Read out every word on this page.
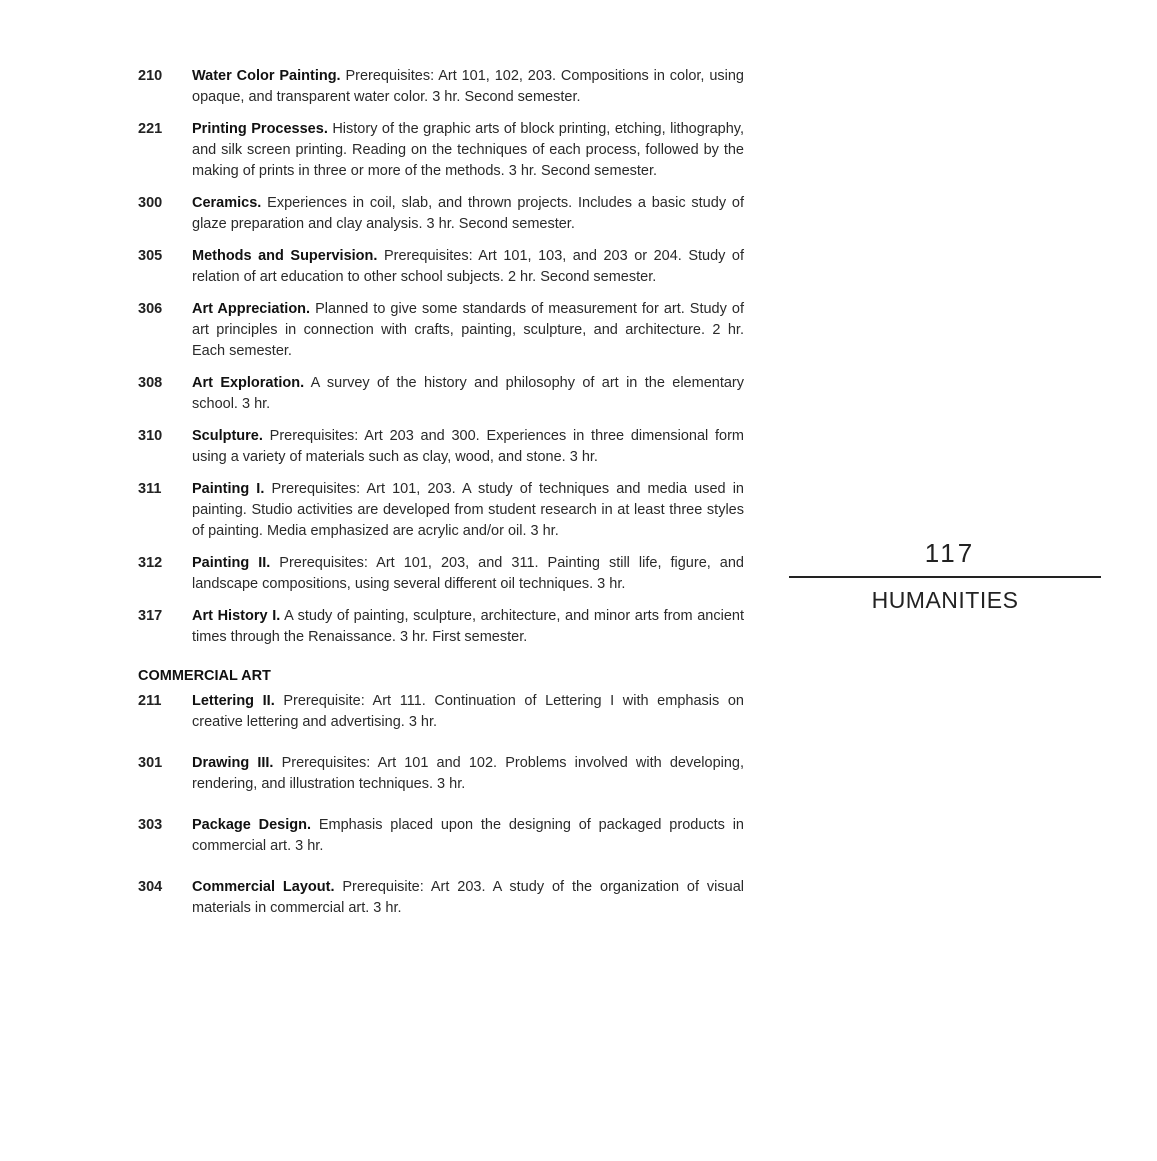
210	Water Color Painting. Prerequisites: Art 101, 102, 203. Compositions in color, using opaque, and transparent water color. 3 hr. Second semester.
221	Printing Processes. History of the graphic arts of block printing, etching, lithography, and silk screen printing. Reading on the techniques of each process, followed by the making of prints in three or more of the methods. 3 hr. Second semester.
300	Ceramics. Experiences in coil, slab, and thrown projects. Includes a basic study of glaze preparation and clay analysis. 3 hr. Second semester.
305	Methods and Supervision. Prerequisites: Art 101, 103, and 203 or 204. Study of relation of art education to other school subjects. 2 hr. Second semester.
306	Art Appreciation. Planned to give some standards of measurement for art. Study of art principles in connection with crafts, painting, sculpture, and architecture. 2 hr. Each semester.
308	Art Exploration. A survey of the history and philosophy of art in the elementary school. 3 hr.
310	Sculpture. Prerequisites: Art 203 and 300. Experiences in three dimensional form using a variety of materials such as clay, wood, and stone. 3 hr.
311	Painting I. Prerequisites: Art 101, 203. A study of techniques and media used in painting. Studio activities are developed from student research in at least three styles of painting. Media emphasized are acrylic and/or oil. 3 hr.
312	Painting II. Prerequisites: Art 101, 203, and 311. Painting still life, figure, and landscape compositions, using several different oil techniques. 3 hr.
317	Art History I. A study of painting, sculpture, architecture, and minor arts from ancient times through the Renaissance. 3 hr. First semester.
COMMERCIAL ART
211	Lettering II. Prerequisite: Art 111. Continuation of Lettering I with emphasis on creative lettering and advertising. 3 hr.
301	Drawing III. Prerequisites: Art 101 and 102. Problems involved with developing, rendering, and illustration techniques. 3 hr.
303	Package Design. Emphasis placed upon the designing of packaged products in commercial art. 3 hr.
304	Commercial Layout. Prerequisite: Art 203. A study of the organization of visual materials in commercial art. 3 hr.
117
HUMANITIES
